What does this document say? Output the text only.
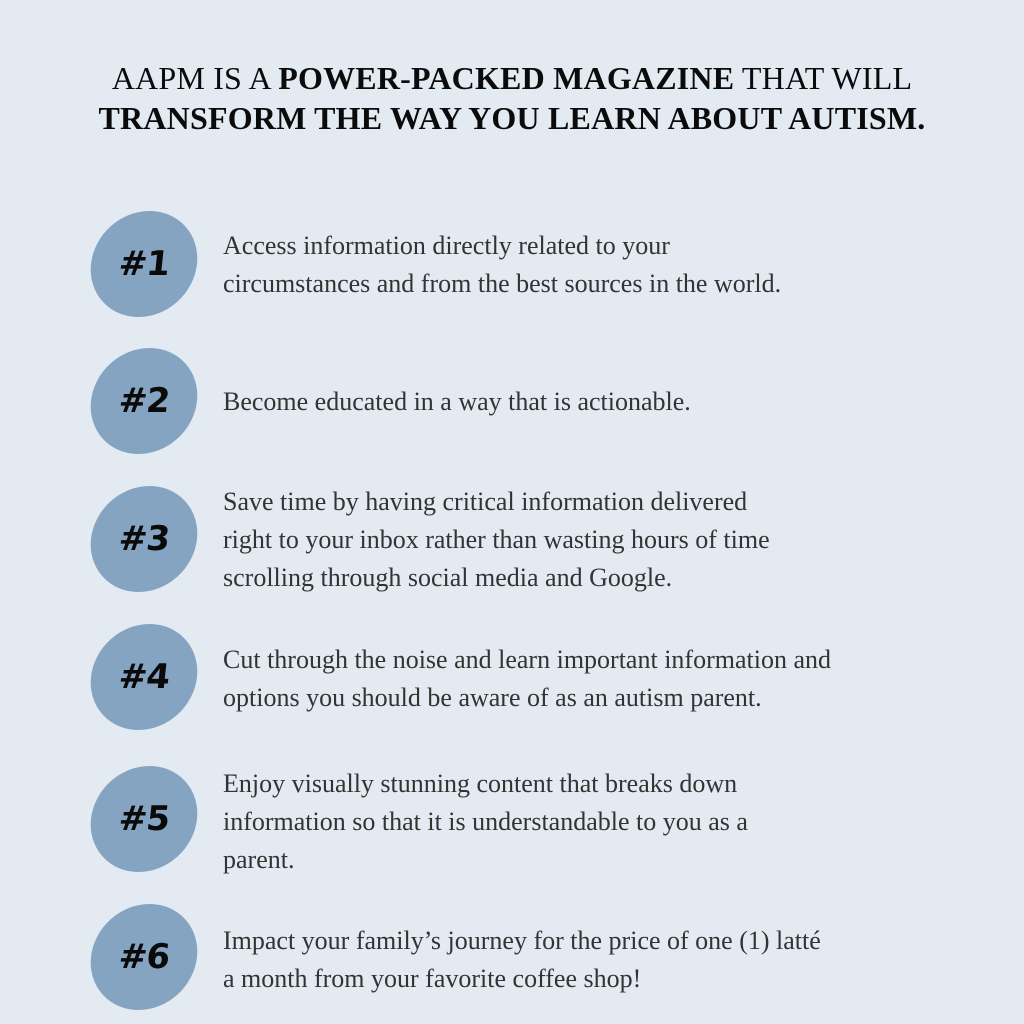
AAPM IS A POWER-PACKED MAGAZINE THAT WILL
TRANSFORM THE WAY YOU LEARN ABOUT AUTISM.
#1	Access information directly related to your
circumstances and from the best sources in the world.
#2	Become educated in a way that is actionable.
#3
Save time by having critical information delivered
right to your inbox rather than wasting hours of time
scrolling through social media and Google.
#4	Cut through the noise and learn important information and
options you should be aware of as an autism parent.
#5
Enjoy visually stunning content that breaks down
information so that it is understandable to you as a
parent.
#6	Impact your family’s journey for the price of one (1) latté
a month from your favorite coffee shop!
